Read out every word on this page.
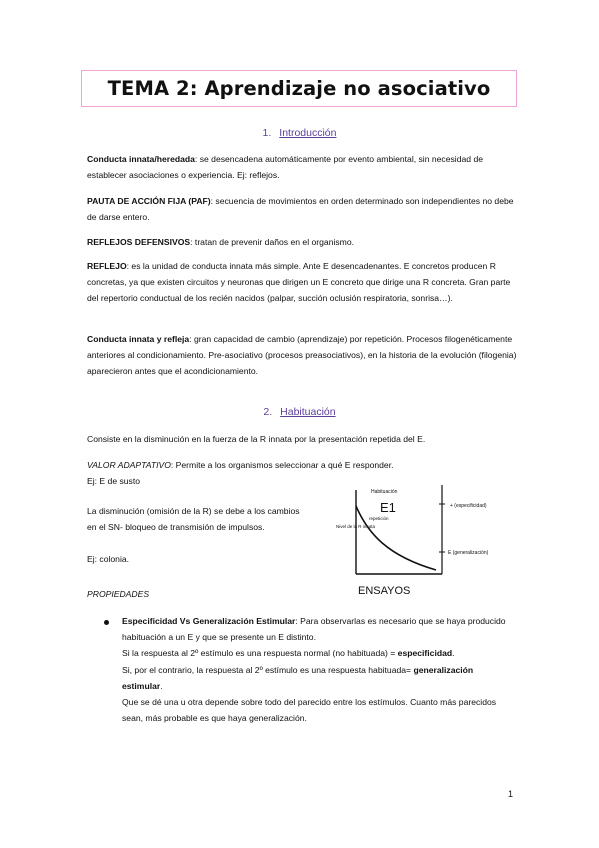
TEMA 2: Aprendizaje no asociativo
1. Introducción
Conducta innata/heredada: se desencadena automáticamente por evento ambiental, sin necesidad de establecer asociaciones o experiencia. Ej: reflejos.
PAUTA DE ACCIÓN FIJA (PAF): secuencia de movimientos en orden determinado son independientes no debe de darse entero.
REFLEJOS DEFENSIVOS: tratan de prevenir daños en el organismo.
REFLEJO: es la unidad de conducta innata más simple. Ante E desencadenantes. E concretos producen R concretas, ya que existen circuitos y neuronas que dirigen un E concreto que dirige una R concreta. Gran parte del repertorio conductual de los recién nacidos (palpar, succión oclusión respiratoria, sonrisa…).
Conducta innata y refleja: gran capacidad de cambio (aprendizaje) por repetición. Procesos filogenéticamente anteriores al condicionamiento. Pre-asociativo (procesos preasociativos), en la historia de la evolución (filogenia) aparecieron antes que el acondicionamiento.
2. Habituación
Consiste en la disminución en la fuerza de la R innata por la presentación repetida del E.
VALOR ADAPTATIVO: Permite a los organismos seleccionar a qué E responder.
Ej: E de susto
La disminución (omisión de la R) se debe a los cambios en el SN- bloqueo de transmisión de impulsos.
Ej: colonia.
PROPIEDADES
Habituación
E1
repetición
Nivel de la R innata
+ (especificidad)
E (generalización)
ENSAYOS
Especificidad Vs Generalización Estimular: Para observarlas es necesario que se haya producido habituación a un E y que se presente un E distinto.
Si la respuesta al 2º estímulo es una respuesta normal (no habituada) = especificidad.
Si, por el contrario, la respuesta al 2º estímulo es una respuesta habituada= generalización estimular.
Que se dé una u otra depende sobre todo del parecido entre los estímulos. Cuanto más parecidos sean, más probable es que haya generalización.
1
